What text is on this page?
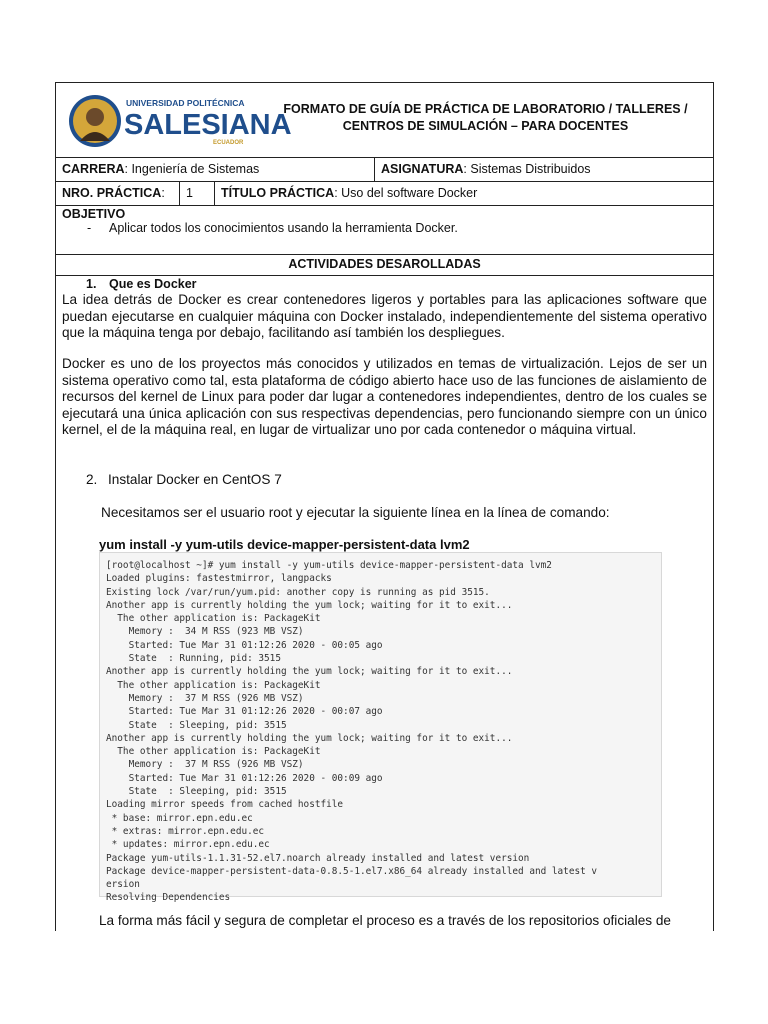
UNIVERSIDAD POLITÉCNICA
SALESIANA
ECUADOR
FORMATO DE GUÍA DE PRÁCTICA DE LABORATORIO / TALLERES /
CENTROS DE SIMULACIÓN – PARA DOCENTES
CARRERA: Ingeniería de Sistemas	ASIGNATURA: Sistemas Distribuidos
NRO. PRÁCTICA:	1	TÍTULO PRÁCTICA: Uso del software Docker
OBJETIVO
- Aplicar todos los conocimientos usando la herramienta Docker.
ACTIVIDADES DESAROLLADAS
1. Que es Docker

La idea detrás de Docker es crear contenedores ligeros y portables para las aplicaciones software que puedan ejecutarse en cualquier máquina con Docker instalado, independientemente del sistema operativo que la máquina tenga por debajo, facilitando así también los despliegues.

Docker es uno de los proyectos más conocidos y utilizados en temas de virtualización. Lejos de ser un sistema operativo como tal, esta plataforma de código abierto hace uso de las funciones de aislamiento de recursos del kernel de Linux para poder dar lugar a contenedores independientes, dentro de los cuales se ejecutará una única aplicación con sus respectivas dependencias, pero funcionando siempre con un único kernel, el de la máquina real, en lugar de virtualizar uno por cada contenedor o máquina virtual.

2. Instalar Docker en CentOS 7
Necesitamos ser el usuario root y ejecutar la siguiente línea en la línea de comando:
yum install -y yum-utils device-mapper-persistent-data lvm2
[root@localhost ~]# yum install -y yum-utils device-mapper-persistent-data lvm2
Loaded plugins: fastestmirror, langpacks
Existing lock /var/run/yum.pid: another copy is running as pid 3515.
Another app is currently holding the yum lock; waiting for it to exit...
The other application is: PackageKit
Memory :  34 M RSS (923 MB VSZ)
Started: Tue Mar 31 01:12:26 2020 - 00:05 ago
State  : Running, pid: 3515
Another app is currently holding the yum lock; waiting for it to exit...
The other application is: PackageKit
Memory :  37 M RSS (926 MB VSZ)
Started: Tue Mar 31 01:12:26 2020 - 00:07 ago
State  : Sleeping, pid: 3515
Another app is currently holding the yum lock; waiting for it to exit...
The other application is: PackageKit
Memory :  37 M RSS (926 MB VSZ)
Started: Tue Mar 31 01:12:26 2020 - 00:09 ago
State  : Sleeping, pid: 3515
Loading mirror speeds from cached hostfile
* base: mirror.epn.edu.ec
* extras: mirror.epn.edu.ec
* updates: mirror.epn.edu.ec
Package yum-utils-1.1.31-52.el7.noarch already installed and latest version
Package device-mapper-persistent-data-0.8.5-1.el7.x86_64 already installed and latest v
ersion
Resolving Dependencies
La forma más fácil y segura de completar el proceso es a través de los repositorios oficiales de
